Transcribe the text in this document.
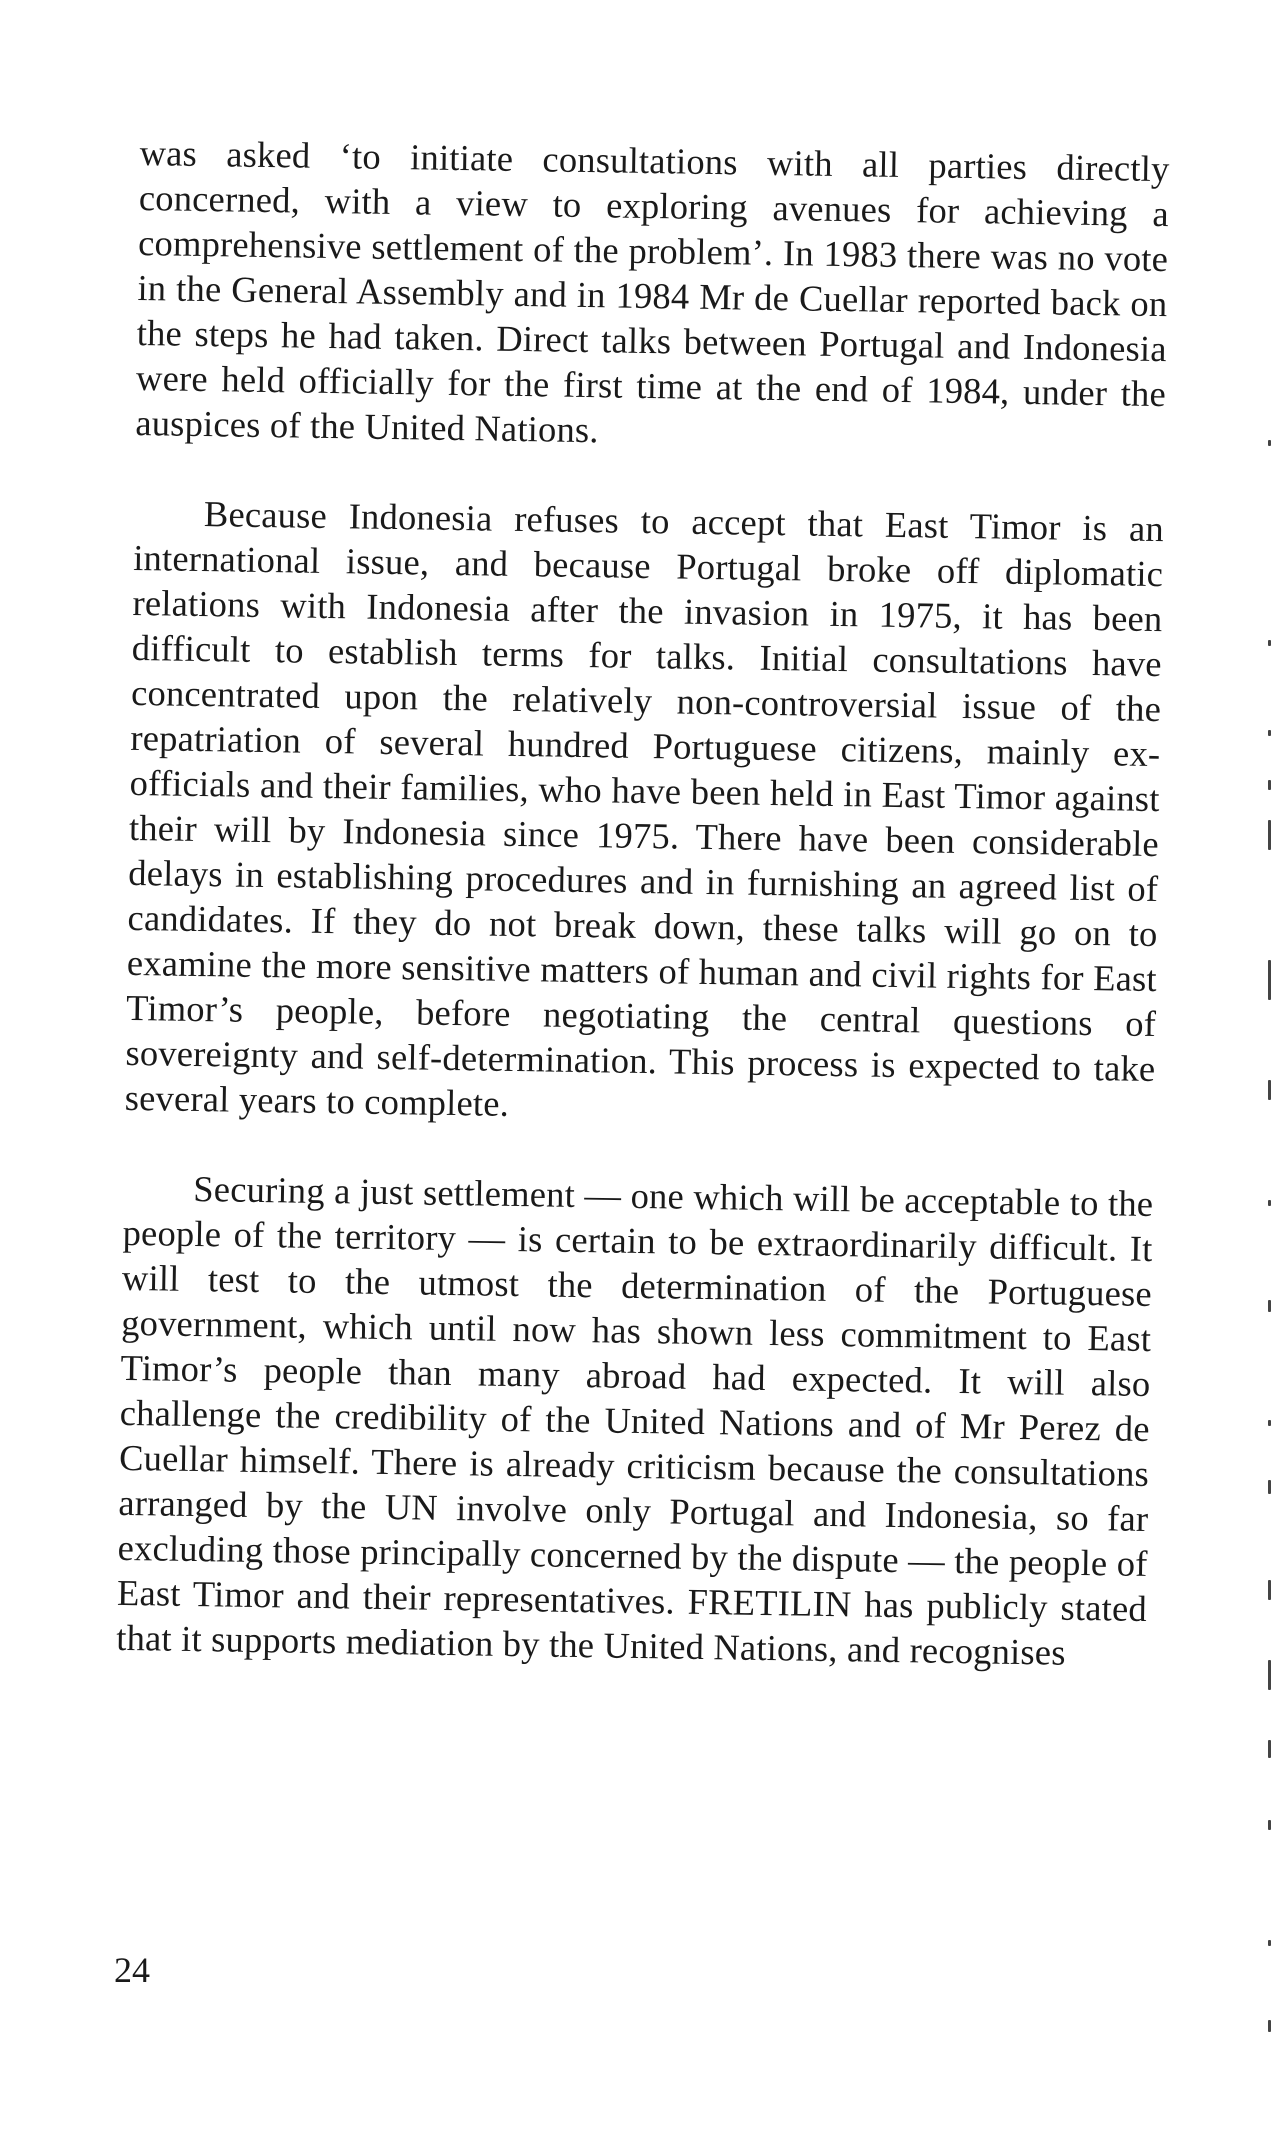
was asked ‘to initiate consultations with all parties directly concerned, with a view to exploring avenues for achieving a comprehensive settlement of the problem’. In 1983 there was no vote in the General Assembly and in 1984 Mr de Cuellar reported back on the steps he had taken. Direct talks between Portugal and Indonesia were held officially for the first time at the end of 1984, under the auspices of the United Nations.

Because Indonesia refuses to accept that East Timor is an international issue, and because Portugal broke off diplomatic relations with Indonesia after the invasion in 1975, it has been difficult to establish terms for talks. Initial consultations have concentrated upon the relatively non-controversial issue of the repatriation of several hundred Portuguese citizens, mainly ex-officials and their families, who have been held in East Timor against their will by Indonesia since 1975. There have been considerable delays in establishing procedures and in furnishing an agreed list of candidates. If they do not break down, these talks will go on to examine the more sensitive matters of human and civil rights for East Timor’s people, before negotiating the central questions of sovereignty and self-determination. This process is expected to take several years to complete.

Securing a just settlement — one which will be acceptable to the people of the territory — is certain to be extraordinarily difficult. It will test to the utmost the determination of the Portuguese government, which until now has shown less commitment to East Timor’s people than many abroad had expected. It will also challenge the credibility of the United Nations and of Mr Perez de Cuellar himself. There is already criticism because the consultations arranged by the UN involve only Portugal and Indonesia, so far excluding those principally concerned by the dispute — the people of East Timor and their representatives. FRETILIN has publicly stated that it supports mediation by the United Nations, and recognises

24
